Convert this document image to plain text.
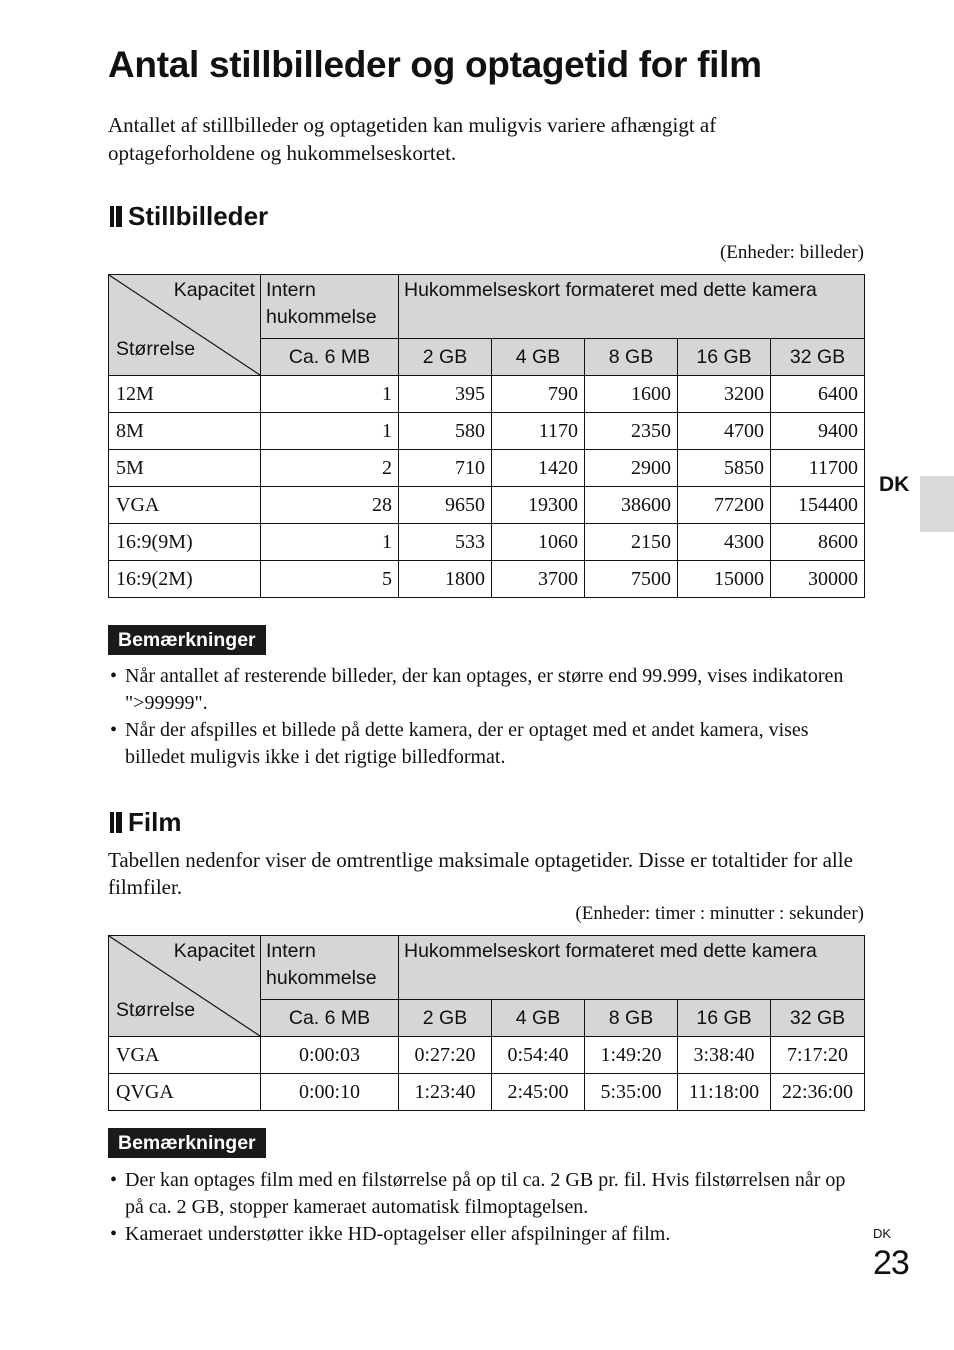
Antal stillbilleder og optagetid for film

Antallet af stillbilleder og optagetiden kan muligvis variere afhængigt af optageforholdene og hukommelseskortet.

Stillbilleder
(Enheder: billeder)
Kapacitet
Størrelse	Intern hukommelse	Hukommelseskort formateret med dette kamera				
	Ca. 6 MB	2 GB	4 GB	8 GB	16 GB	32 GB
12M	1	395	790	1600	3200	6400
8M	1	580	1170	2350	4700	9400
5M	2	710	1420	2900	5850	11700
VGA	28	9650	19300	38600	77200	154400
16:9(9M)	1	533	1060	2150	4300	8600
16:9(2M)	5	1800	3700	7500	15000	30000
Bemærkninger
• Når antallet af resterende billeder, der kan optages, er større end 99.999, vises indikatoren ">99999".
• Når der afspilles et billede på dette kamera, der er optaget med et andet kamera, vises billedet muligvis ikke i det rigtige billedformat.
Film

Tabellen nedenfor viser de omtrentlige maksimale optagetider. Disse er totaltider for alle filmfiler.

(Enheder: timer : minutter : sekunder)
Kapacitet
Størrelse	Intern hukommelse	Hukommelseskort formateret med dette kamera				
	Ca. 6 MB	2 GB	4 GB	8 GB	16 GB	32 GB
VGA	0:00:03	0:27:20	0:54:40	1:49:20	3:38:40	7:17:20
QVGA	0:00:10	1:23:40	2:45:00	5:35:00	11:18:00	22:36:00
Bemærkninger
• Der kan optages film med en filstørrelse på op til ca. 2 GB pr. fil. Hvis filstørrelsen når op på ca. 2 GB, stopper kameraet automatisk filmoptagelsen.
• Kameraet understøtter ikke HD-optagelser eller afspilninger af film.
DK
DK
23
